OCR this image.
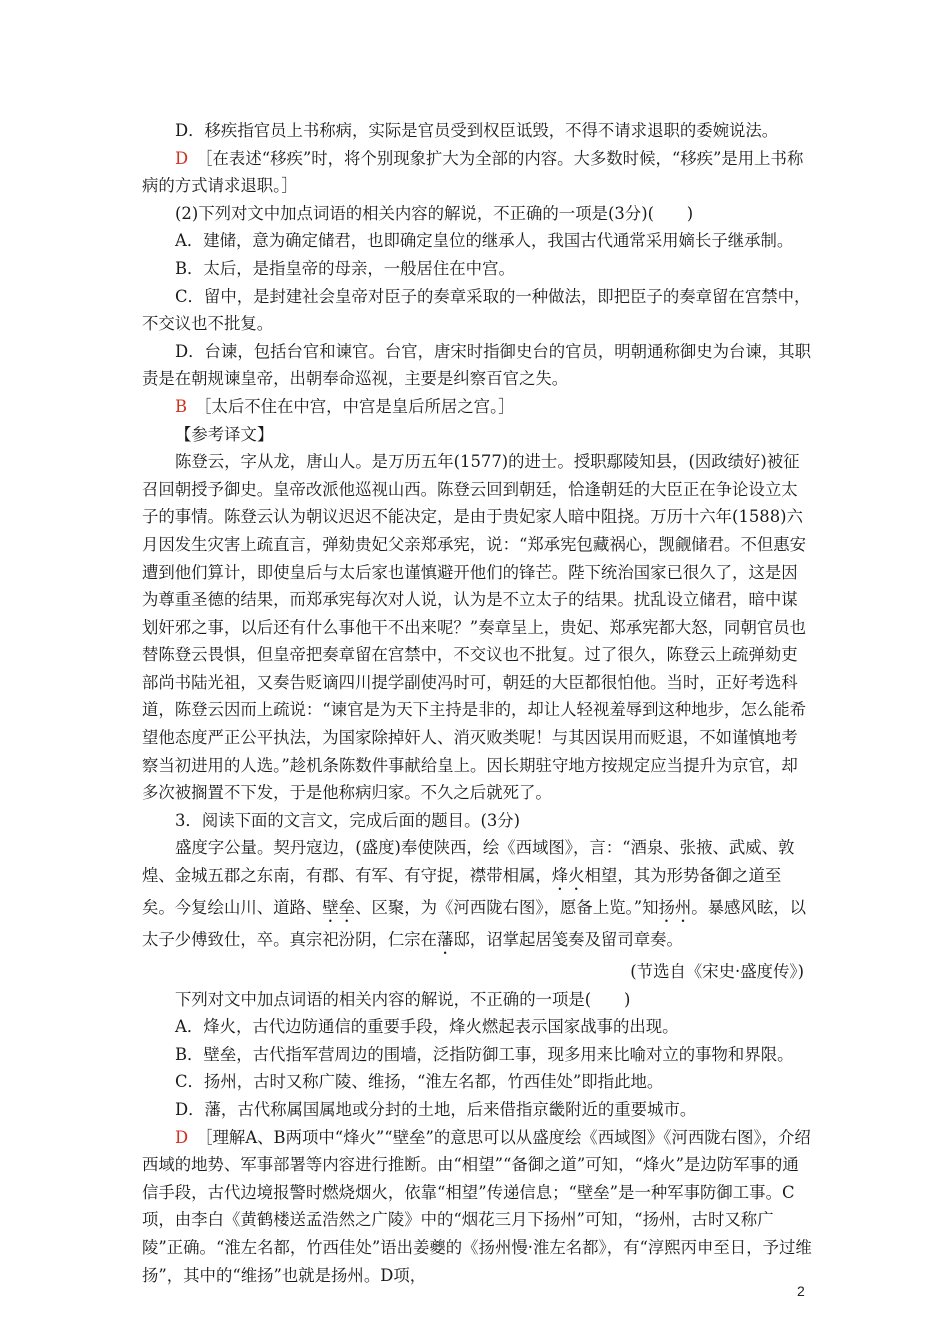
D．移疾指官员上书称病，实际是官员受到权臣诋毁，不得不请求退职的委婉说法。

D ［在表述“移疾”时，将个别现象扩大为全部的内容。大多数时候，“移疾”是用上书称病的方式请求退职。］

(2)下列对文中加点词语的相关内容的解说，不正确的一项是(3分)(　　)

A．建储，意为确定储君，也即确定皇位的继承人，我国古代通常采用嫡长子继承制。

B．太后，是指皇帝的母亲，一般居住在中宫。

C．留中，是封建社会皇帝对臣子的奏章采取的一种做法，即把臣子的奏章留在宫禁中，不交议也不批复。

D．台谏，包括台官和谏官。台官，唐宋时指御史台的官员，明朝通称御史为台谏，其职责是在朝规谏皇帝，出朝奉命巡视，主要是纠察百官之失。

B ［太后不住在中宫，中宫是皇后所居之宫。］

【参考译文】

陈登云，字从龙，唐山人。是万历五年(1577)的进士。授职鄢陵知县，(因政绩好)被征召回朝授予御史。皇帝改派他巡视山西。陈登云回到朝廷，恰逢朝廷的大臣正在争论设立太子的事情。陈登云认为朝议迟迟不能决定，是由于贵妃家人暗中阻挠。万历十六年(1588)六月因发生灾害上疏直言，弹劾贵妃父亲郑承宪，说：“郑承宪包藏祸心，觊觎储君。不但惠安遭到他们算计，即使皇后与太后家也谨慎避开他们的锋芒。陛下统治国家已很久了，这是因为尊重圣德的结果，而郑承宪每次对人说，认为是不立太子的结果。扰乱设立储君，暗中谋划奸邪之事，以后还有什么事他干不出来呢？”奏章呈上，贵妃、郑承宪都大怒，同朝官员也替陈登云畏惧，但皇帝把奏章留在宫禁中，不交议也不批复。过了很久，陈登云上疏弹劾吏部尚书陆光祖，又奏告贬谪四川提学副使冯时可，朝廷的大臣都很怕他。当时，正好考选科道，陈登云因而上疏说：“谏官是为天下主持是非的，却让人轻视羞辱到这种地步，怎么能希望他态度严正公平执法，为国家除掉奸人、消灭败类呢！与其因误用而贬退，不如谨慎地考察当初进用的人选。”趁机条陈数件事献给皇上。因长期驻守地方按规定应当提升为京官，却多次被搁置不下发，于是他称病归家。不久之后就死了。

3．阅读下面的文言文，完成后面的题目。(3分)

盛度字公量。契丹寇边，(盛度)奉使陕西，绘《西域图》，言：“酒泉、张掖、武威、敦煌、金城五郡之东南，有郡、有军、有守捉，襟带相属，烽火相望，其为形势备御之道至矣。今复绘山川、道路、壁垒、区聚，为《河西陇右图》，愿备上览。”知扬州。暴感风眩，以太子少傅致仕，卒。真宗祀汾阴，仁宗在藩邸，诏掌起居笺奏及留司章奏。

(节选自《宋史·盛度传》)

下列对文中加点词语的相关内容的解说，不正确的一项是(　　)

A．烽火，古代边防通信的重要手段，烽火燃起表示国家战事的出现。

B．壁垒，古代指军营周边的围墙，泛指防御工事，现多用来比喻对立的事物和界限。

C．扬州，古时又称广陵、维扬，“淮左名都，竹西佳处”即指此地。

D．藩，古代称属国属地或分封的土地，后来借指京畿附近的重要城市。

D ［理解A、B两项中“烽火”“壁垒”的意思可以从盛度绘《西域图》《河西陇右图》，介绍西域的地势、军事部署等内容进行推断。由“相望”“备御之道”可知，“烽火”是边防军事的通信手段，古代边境报警时燃烧烟火，依靠“相望”传递信息；“壁垒”是一种军事防御工事。C项，由李白《黄鹤楼送孟浩然之广陵》中的“烟花三月下扬州”可知，“扬州，古时又称广陵”正确。“淮左名都，竹西佳处”语出姜夔的《扬州慢·淮左名都》，有“淳熙丙申至日，予过维扬”，其中的“维扬”也就是扬州。D项，

2
